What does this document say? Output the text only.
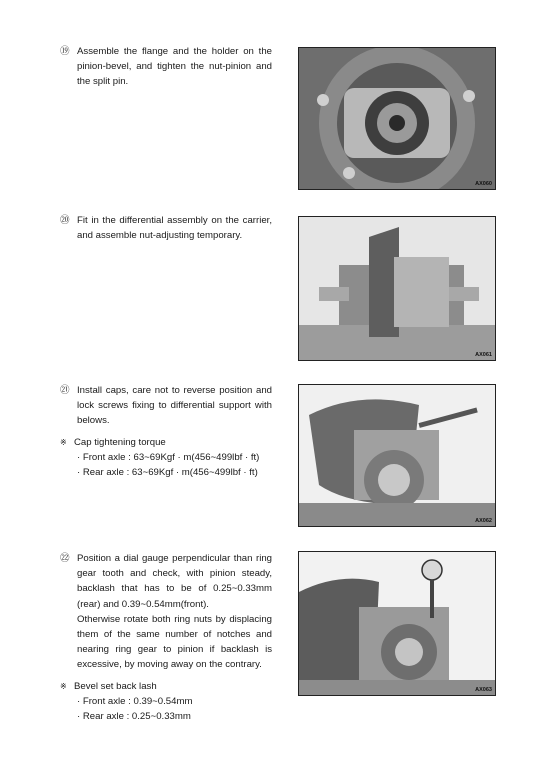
⑲ Assemble the flange and the holder on the pinion-bevel, and tighten the nut-pinion and the split pin.
AX060
⑳ Fit in the differential assembly on the carrier, and assemble nut-adjusting temporary.
AX061
㉑ Install caps, care not to reverse position and lock screws fixing to differential support with belows.
※ Cap tightening torque
· Front axle : 63~69Kgf · m(456~499lbf · ft)
· Rear axle : 63~69Kgf · m(456~499lbf · ft)
AX062
㉒ Position a dial gauge perpendicular than ring gear tooth and check, with pinion steady, backlash that has to be of 0.25~0.33mm (rear) and 0.39~0.54mm(front).
Otherwise rotate both ring nuts by displacing them of the same number of notches and nearing ring gear to pinion if backlash is excessive, by moving away on the contrary.
※ Bevel set back lash
· Front axle : 0.39~0.54mm
· Rear axle : 0.25~0.33mm
AX063
